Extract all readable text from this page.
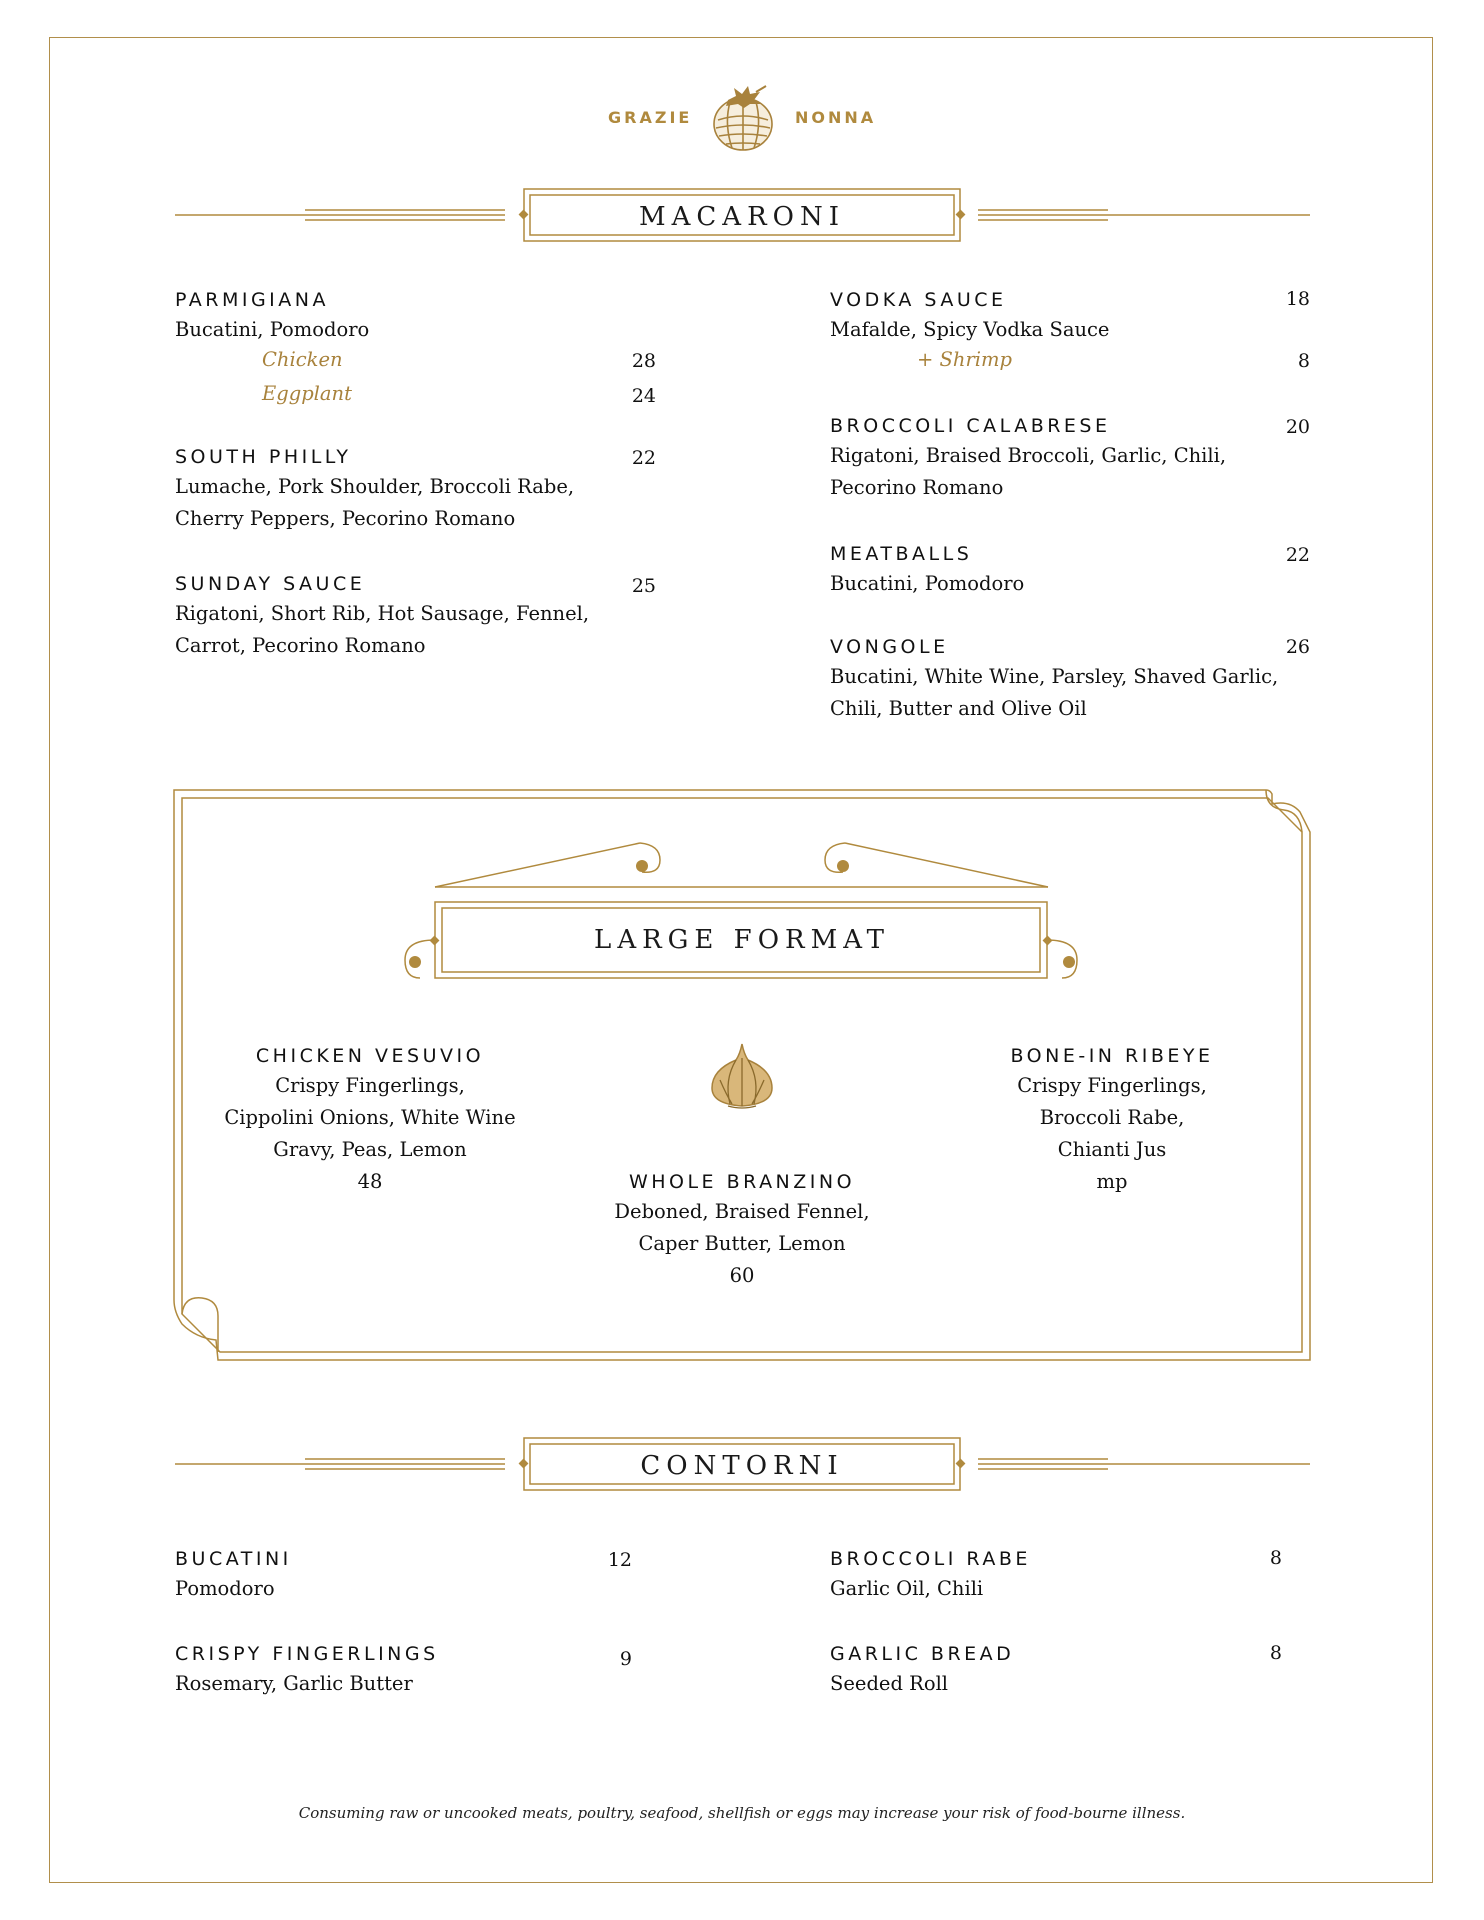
GRAZIE	NONNA
MACARONI
PARMIGIANA
Bucatini, Pomodoro
Chicken	28
Eggplant	24
SOUTH PHILLY
Lumache, Pork Shoulder, Broccoli Rabe,
Cherry Peppers, Pecorino Romano
22
SUNDAY SAUCE
Rigatoni, Short Rib, Hot Sausage, Fennel,
Carrot, Pecorino Romano
25
VODKA SAUCE
Mafalde, Spicy Vodka Sauce
18
+ Shrimp	8
BROCCOLI CALABRESE
Rigatoni, Braised Broccoli, Garlic, Chili,
Pecorino Romano
20
MEATBALLS
Bucatini, Pomodoro
22
VONGOLE
Bucatini, White Wine, Parsley, Shaved Garlic,
Chili, Butter and Olive Oil
26
LARGE FORMAT
CHICKEN VESUVIO
Crispy Fingerlings,
Cippolini Onions, White Wine
Gravy, Peas, Lemon
48	WHOLE BRANZINO
Deboned, Braised Fennel,
Caper Butter, Lemon
60
BONE-IN RIBEYE
Crispy Fingerlings,
Broccoli Rabe,
Chianti Jus
mp
CONTORNI
BUCATINI
Pomodoro
12
CRISPY FINGERLINGS
Rosemary, Garlic Butter
9
BROCCOLI RABE
Garlic Oil, Chili
8
GARLIC BREAD
Seeded Roll
8
Consuming raw or uncooked meats, poultry, seafood, shellfish or eggs may increase your risk of food-bourne illness.
